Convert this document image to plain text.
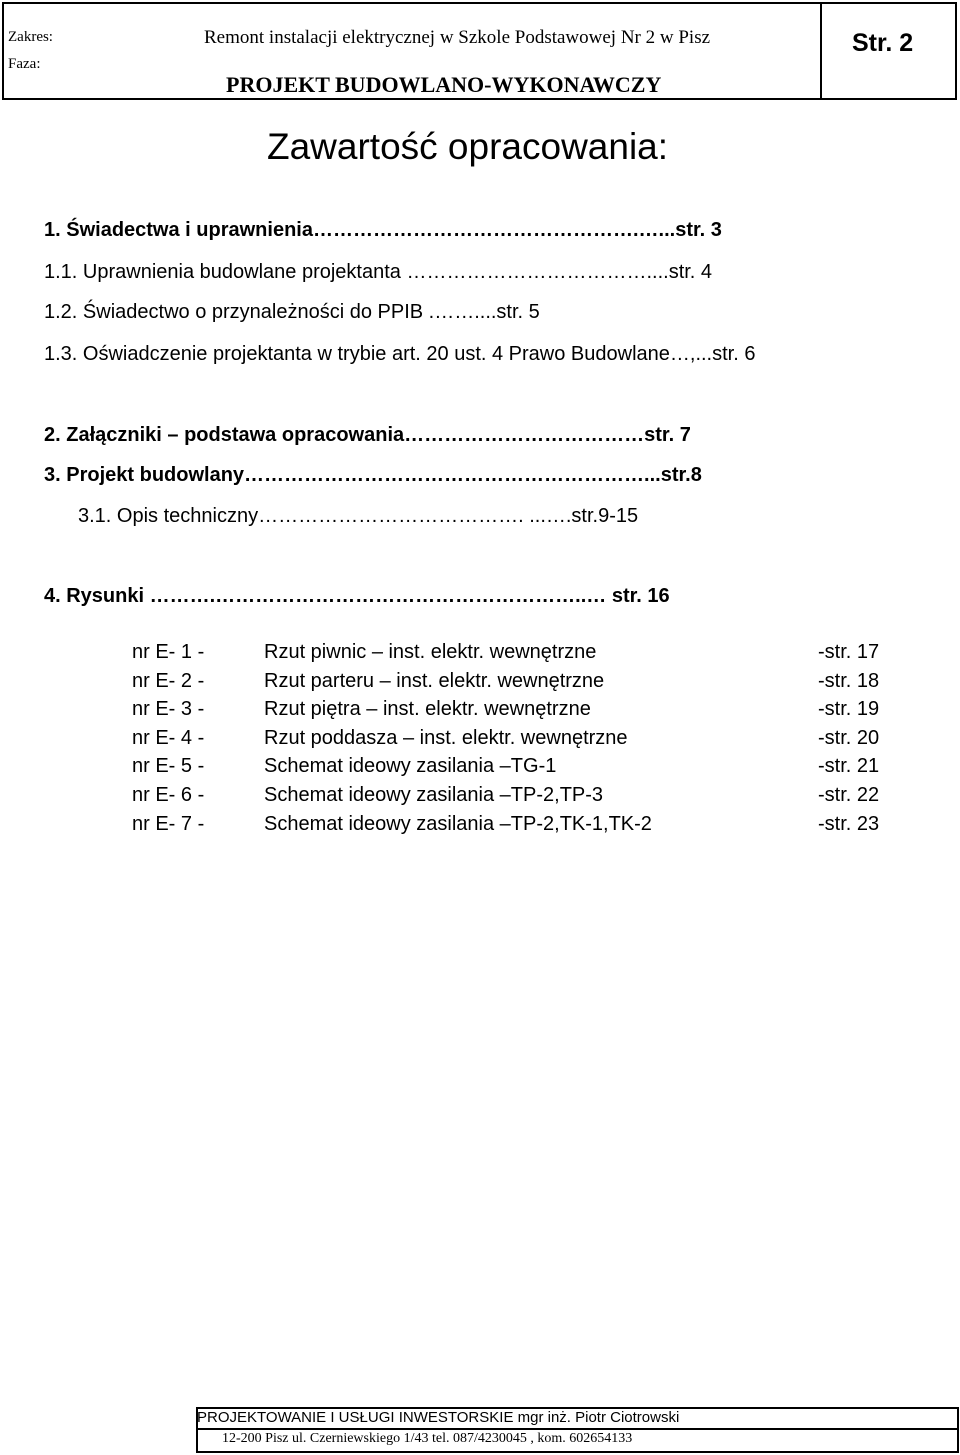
Zakres:
Faza:
Remont instalacji elektrycznej w Szkole Podstawowej Nr 2 w Pisz
PROJEKT BUDOWLANO-WYKONAWCZY
Str. 2
Zawartość opracowania:
1. Świadectwa i uprawnienia………………………………………….…...str. 3
1.1. Uprawnienia budowlane projektanta ………………………………....str. 4
1.2. Świadectwo o przynależności do PPIB .……....str. 5
1.3. Oświadczenie projektanta w trybie art. 20 ust. 4 Prawo Budowlane…,...str. 6
2. Załączniki – podstawa opracowania………………………………str. 7
3. Projekt budowlany……………………………………………………...str.8
3.1. Opis techniczny…………………………………. ...….str.9-15
4. Rysunki ……….………………………………………………..… str. 16
nr E- 1 -	Rzut piwnic – inst. elektr. wewnętrzne	-str. 17
nr E- 2 -	Rzut parteru – inst. elektr. wewnętrzne	-str. 18
nr E- 3 -	Rzut piętra – inst. elektr. wewnętrzne	-str. 19
nr E- 4 -	Rzut poddasza – inst. elektr. wewnętrzne	-str. 20
nr E- 5 -	Schemat ideowy zasilania –TG-1	-str. 21
nr E- 6 -	Schemat ideowy zasilania –TP-2,TP-3	-str. 22
nr E- 7 -	Schemat ideowy zasilania –TP-2,TK-1,TK-2	-str. 23
PROJEKTOWANIE I USŁUGI INWESTORSKIE mgr inż. Piotr Ciotrowski
12-200 Pisz ul. Czerniewskiego 1/43 tel. 087/4230045 , kom. 602654133
